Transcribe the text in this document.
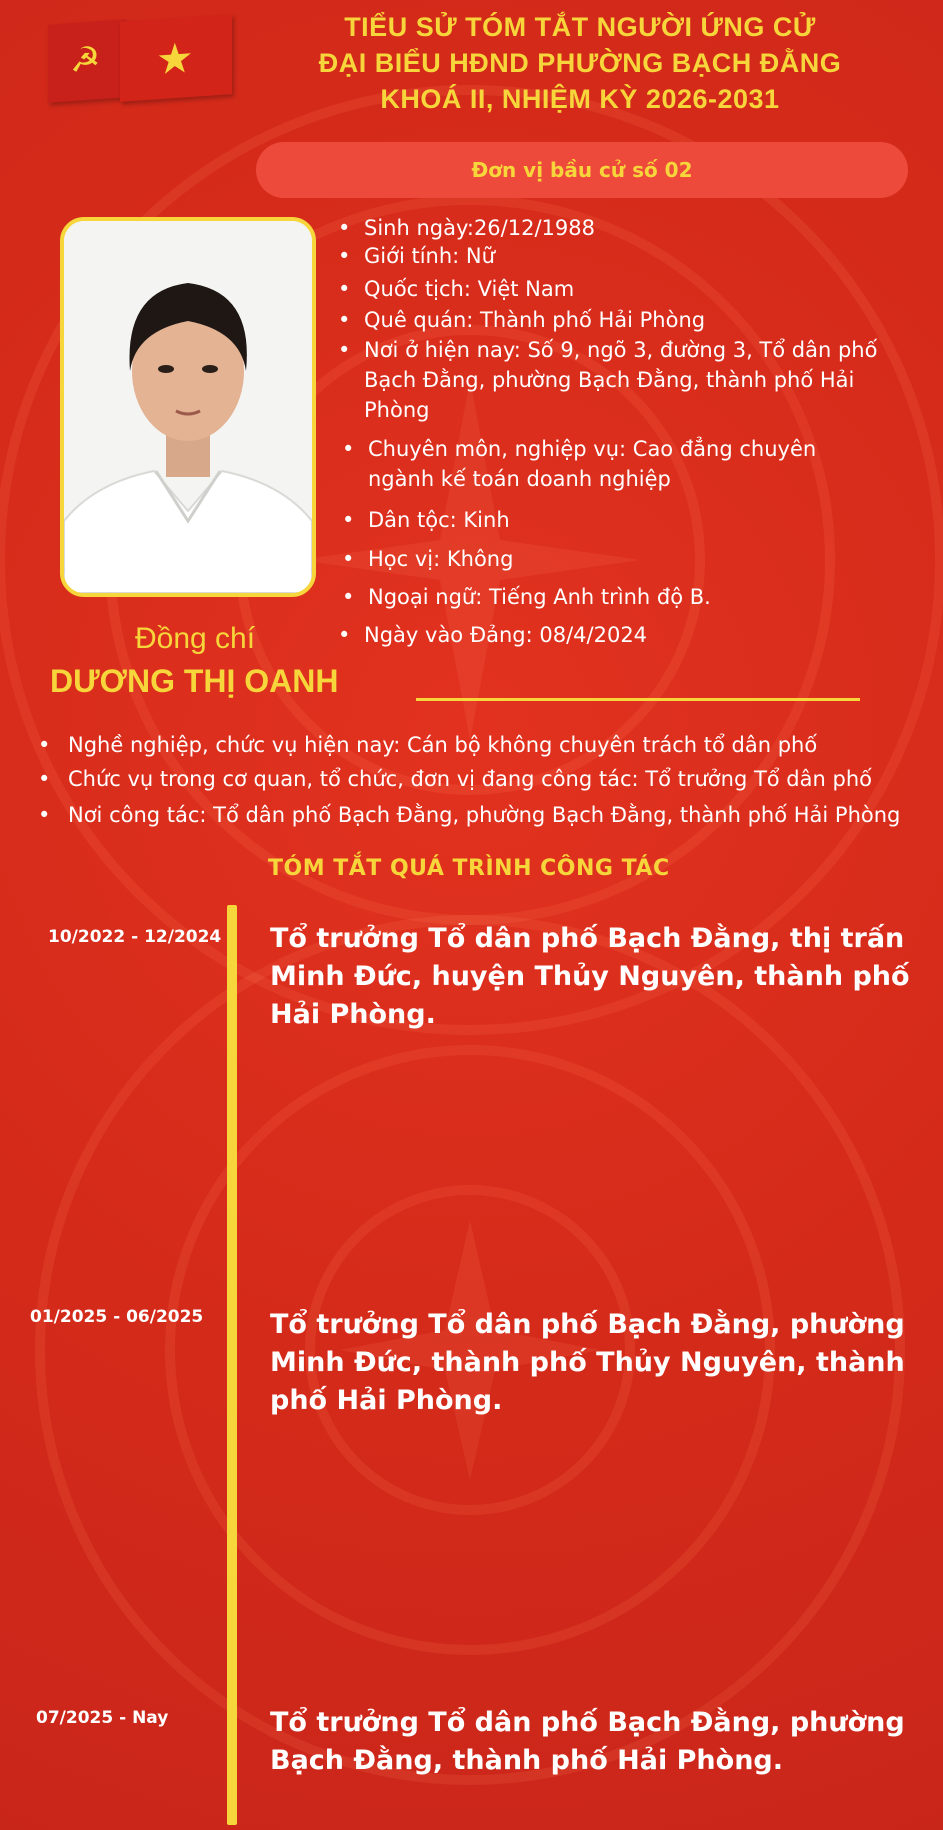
☭ ★
TIỂU SỬ TÓM TẮT NGƯỜI ỨNG CỬ
ĐẠI BIỂU HĐND PHƯỜNG BẠCH ĐẰNG
KHOÁ II, NHIỆM KỲ 2026-2031
Đơn vị bầu cử số 02
• Sinh ngày:26/12/1988
• Giới tính: Nữ
• Quốc tịch: Việt Nam
• Quê quán: Thành phố Hải Phòng
• Nơi ở hiện nay: Số 9, ngõ 3, đường 3, Tổ dân phố Bạch Đằng, phường Bạch Đằng, thành phố Hải Phòng
• Chuyên môn, nghiệp vụ: Cao đẳng chuyên ngành kế toán doanh nghiệp
• Dân tộc: Kinh
• Học vị: Không
• Ngoại ngữ: Tiếng Anh trình độ B.
• Ngày vào Đảng: 08/4/2024
Đồng chí
DƯƠNG THỊ OANH
• Nghề nghiệp, chức vụ hiện nay: Cán bộ không chuyên trách tổ dân phố
• Chức vụ trong cơ quan, tổ chức, đơn vị đang công tác: Tổ trưởng Tổ dân phố
• Nơi công tác: Tổ dân phố Bạch Đằng, phường Bạch Đằng, thành phố Hải Phòng
TÓM TẮT QUÁ TRÌNH CÔNG TÁC
10/2022 - 12/2024 Tổ trưởng Tổ dân phố Bạch Đằng, thị trấn Minh Đức, huyện Thủy Nguyên, thành phố Hải Phòng.
01/2025 - 06/2025 Tổ trưởng Tổ dân phố Bạch Đằng, phường Minh Đức, thành phố Thủy Nguyên, thành phố Hải Phòng.
07/2025 - Nay	Tổ trưởng Tổ dân phố Bạch Đằng, phường Bạch Đằng, thành phố Hải Phòng.
